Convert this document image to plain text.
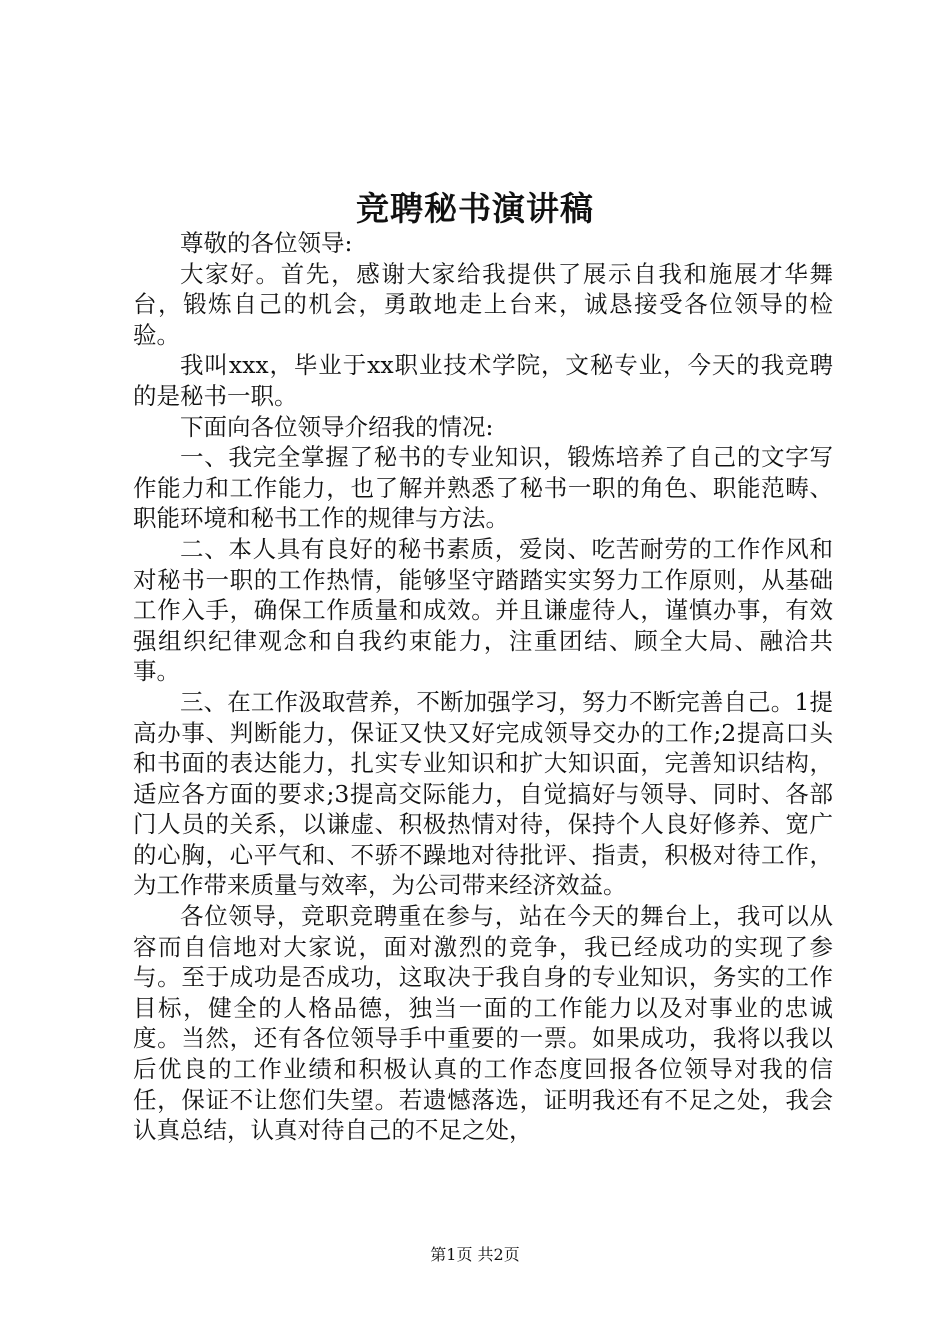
竞聘秘书演讲稿

尊敬的各位领导:

大家好。首先，感谢大家给我提供了展示自我和施展才华舞台，锻炼自己的机会，勇敢地走上台来，诚恳接受各位领导的检验。

我叫xxx，毕业于xx职业技术学院，文秘专业，今天的我竞聘的是秘书一职。

下面向各位领导介绍我的情况:

一、我完全掌握了秘书的专业知识，锻炼培养了自己的文字写作能力和工作能力，也了解并熟悉了秘书一职的角色、职能范畴、职能环境和秘书工作的规律与方法。

二、本人具有良好的秘书素质，爱岗、吃苦耐劳的工作作风和对秘书一职的工作热情，能够坚守踏踏实实努力工作原则，从基础工作入手，确保工作质量和成效。并且谦虚待人，谨慎办事，有效强组织纪律观念和自我约束能力，注重团结、顾全大局、融洽共事。

三、在工作汲取营养，不断加强学习，努力不断完善自己。1提高办事、判断能力，保证又快又好完成领导交办的工作;2提高口头和书面的表达能力，扎实专业知识和扩大知识面，完善知识结构，适应各方面的要求;3提高交际能力，自觉搞好与领导、同时、各部门人员的关系，以谦虚、积极热情对待，保持个人良好修养、宽广的心胸，心平气和、不骄不躁地对待批评、指责，积极对待工作，为工作带来质量与效率，为公司带来经济效益。

各位领导，竞职竞聘重在参与，站在今天的舞台上，我可以从容而自信地对大家说，面对激烈的竞争，我已经成功的实现了参与。至于成功是否成功，这取决于我自身的专业知识，务实的工作目标，健全的人格品德，独当一面的工作能力以及对事业的忠诚度。当然，还有各位领导手中重要的一票。如果成功，我将以我以后优良的工作业绩和积极认真的工作态度回报各位领导对我的信任，保证不让您们失望。若遗憾落选，证明我还有不足之处，我会认真总结，认真对待自己的不足之处，

第1页 共2页
